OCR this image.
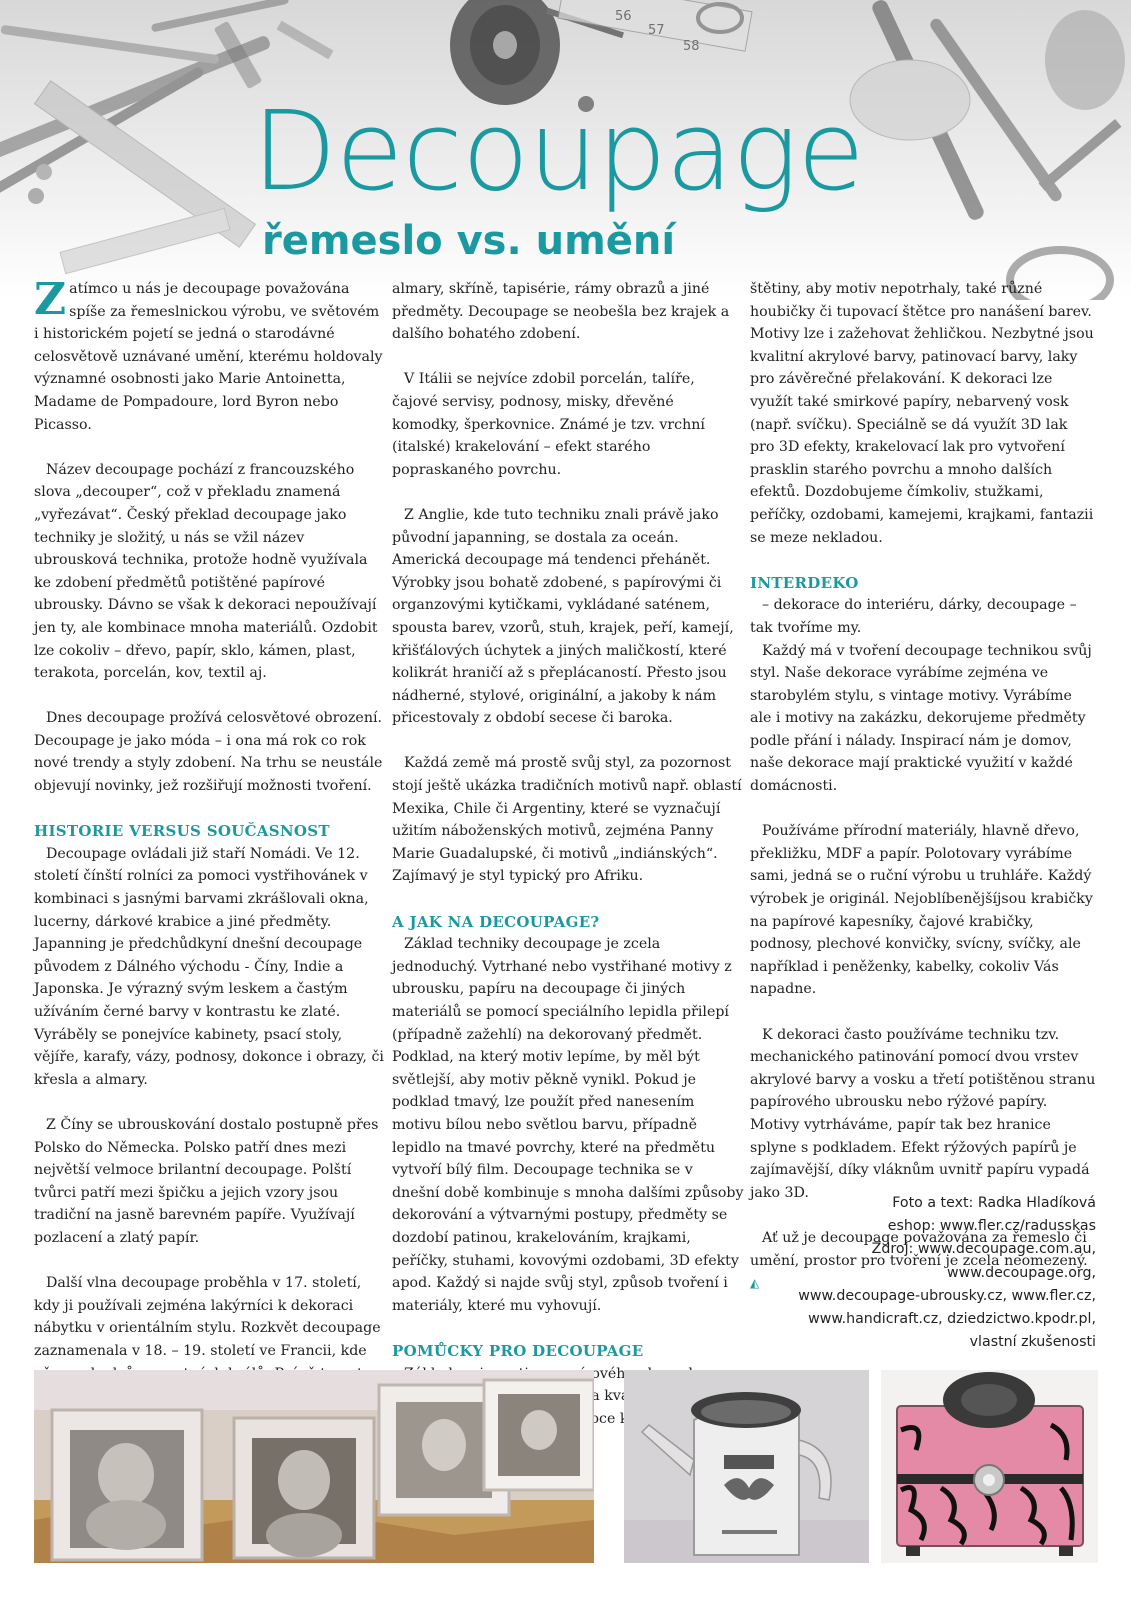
56
57
58
Decoupage
řemeslo vs. umění

Zatímco u nás je decoupage považována spíše za řemeslnickou výrobu, ve světovém i historickém pojetí se jedná o starodávné celosvětově uznávané umění, kterému holdovaly významné osobnosti jako Marie Antoinetta, Madame de Pompadoure, lord Byron nebo Picasso.

Název decoupage pochází z francouzského slova „decouper“, což v překladu znamená „vyřezávat“. Český překlad decoupage jako techniky je složitý, u nás se vžil název ubrousková technika, protože hodně využívala ke zdobení předmětů potištěné papírové ubrousky. Dávno se však k dekoraci nepoužívají jen ty, ale kombinace mnoha materiálů. Ozdobit lze cokoliv – dřevo, papír, sklo, kámen, plast, terakota, porcelán, kov, textil aj.

Dnes decoupage prožívá celosvětové obrození. Decoupage je jako móda – i ona má rok co rok nové trendy a styly zdobení. Na trhu se neustále objevují novinky, jež rozšiřují možnosti tvoření.

HISTORIE VERSUS SOUČASNOST

Decoupage ovládali již staří Nomádi. Ve 12. století čínští rolníci za pomoci vystřihovánek v kombinaci s jasnými barvami zkrášlovali okna, lucerny, dárkové krabice a jiné předměty. Japanning je předchůdkyní dnešní decoupage původem z Dálného východu - Číny, Indie a Japonska. Je výrazný svým leskem a častým užíváním černé barvy v kontrastu ke zlaté. Vyráběly se ponejvíce kabinety, psací stoly, vějíře, karafy, vázy, podnosy, dokonce i obrazy, či křesla a almary.

Z Číny se ubrouskování dostalo postupně přes Polsko do Německa. Polsko patří dnes mezi největší velmoce brilantní decoupage. Polští tvůrci patří mezi špičku a jejich vzory jsou tradiční na jasně barevném papíře. Využívají pozlacení a zlatý papír.

Další vlna decoupage proběhla v 17. století, kdy ji používali zejména lakýrníci k dekoraci nábytku v orientálním stylu. Rozkvět decoupage zaznamenala v 18. – 19. století ve Francii, kde

almary, skříně, tapisérie, rámy obrazů a jiné předměty. Decoupage se neobešla bez krajek a dalšího bohatého zdobení.

V Itálii se nejvíce zdobil porcelán, talíře, čajové servisy, podnosy, misky, dřevěné komodky, šperkovnice. Známé je tzv. vrchní (italské) krakelování – efekt starého popraskaného povrchu.

Z Anglie, kde tuto techniku znali právě jako původní japanning, se dostala za oceán. Americká decoupage má tendenci přehánět. Výrobky jsou bohatě zdobené, s papírovými či organzovými kytičkami, vykládané saténem, spousta barev, vzorů, stuh, krajek, peří, kamejí, křišťálových úchytek a jiných maličkostí, které kolikrát hraničí až s přeplácaností. Přesto jsou nádherné, stylové, originální, a jakoby k nám přicestovaly z období secese či baroka.

Každá země má prostě svůj styl, za pozornost stojí ještě ukázka tradičních motivů např. oblastí Mexika, Chile či Argentiny, které se vyznačují užitím náboženských motivů, zejména Panny Marie Guadalupské, či motivů „indiánských“. Zajímavý je styl typický pro Afriku.

A JAK NA DECOUPAGE?

Základ techniky decoupage je zcela jednoduchý. Vytrhané nebo vystřihané motivy z ubrousku, papíru na decoupage či jiných materiálů se pomocí speciálního lepidla přilepí (případně zažehlí) na dekorovaný předmět. Podklad, na který motiv lepíme, by měl být světlejší, aby motiv pěkně vynikl. Pokud je podklad tmavý, lze použít před nanesením motivu bílou nebo světlou barvu, případně lepidlo na tmavé povrchy, které na předmětu vytvoří bílý film. Decoupage technika se v dnešní době kombinuje s mnoha dalšími způsoby dekorování a výtvarnými postupy, předměty se dozdobí patinou, krakelováním, krajkami, peříčky, stuhami, kovovými ozdobami, 3D efekty apod. Každý si najde svůj styl, způsob tvoření i materiály, které mu vyhovují.

POMŮCKY PRO DECOUPAGE

a

štětiny, aby motiv nepotrhaly, také různé houbičky či tupovací štětce pro nanášení barev. Motivy lze i zažehovat žehličkou. Nezbytné jsou kvalitní akrylové barvy, patinovací barvy, laky pro závěrečné přelakování. K dekoraci lze využít také smirkové papíry, nebarvený vosk (např. svíčku). Speciálně se dá využít 3D lak pro 3D efekty, krakelovací lak pro vytvoření prasklin starého povrchu a mnoho dalších efektů. Dozdobujeme čímkoliv, stužkami, peříčky, ozdobami, kamejemi, krajkami, fantazii se meze nekladou.

INTERDEKO

– dekorace do interiéru, dárky, decoupage – tak tvoříme my.

Každý má v tvoření decoupage technikou svůj styl. Naše dekorace vyrábíme zejména ve starobylém stylu, s vintage motivy. Vyrábíme ale i motivy na zakázku, dekorujeme předměty podle přání i nálady. Inspirací nám je domov, naše dekorace mají praktické využití v každé domácnosti.

Používáme přírodní materiály, hlavně dřevo, překližku, MDF a papír. Polotovary vyrábíme sami, jedná se o ruční výrobu u truhláře. Každý výrobek je originál. Nejoblíbenějšíjsou krabičky na papírové kapesníky, čajové krabičky, podnosy, plechové konvičky, svícny, svíčky, ale například i peněženky, kabelky, cokoliv Vás napadne.

K dekoraci často používáme techniku tzv. mechanického patinování pomocí dvou vrstev akrylové barvy a vosku a třetí potištěnou stranu papírového ubrousku nebo rýžové papíry. Motivy vytrháváme, papír tak bez hranice splyne s podkladem. Efekt rýžových papírů je zajímavější, díky vláknům uvnitř papíru vypadá jako 3D.

Ať už je decoupage považována za řemeslo či umění, prostor pro tvoření je zcela neomezený. ◭

Foto a text: Radka Hladíková
eshop: www.fler.cz/radusskas
Zdroj: www.decoupage.com.au,
www.decoupage.org,
www.decoupage-ubrousky.cz, www.fler.cz,
www.handicraft.cz, dziedzictwo.kpodr.pl,
vlastní zkušenosti
